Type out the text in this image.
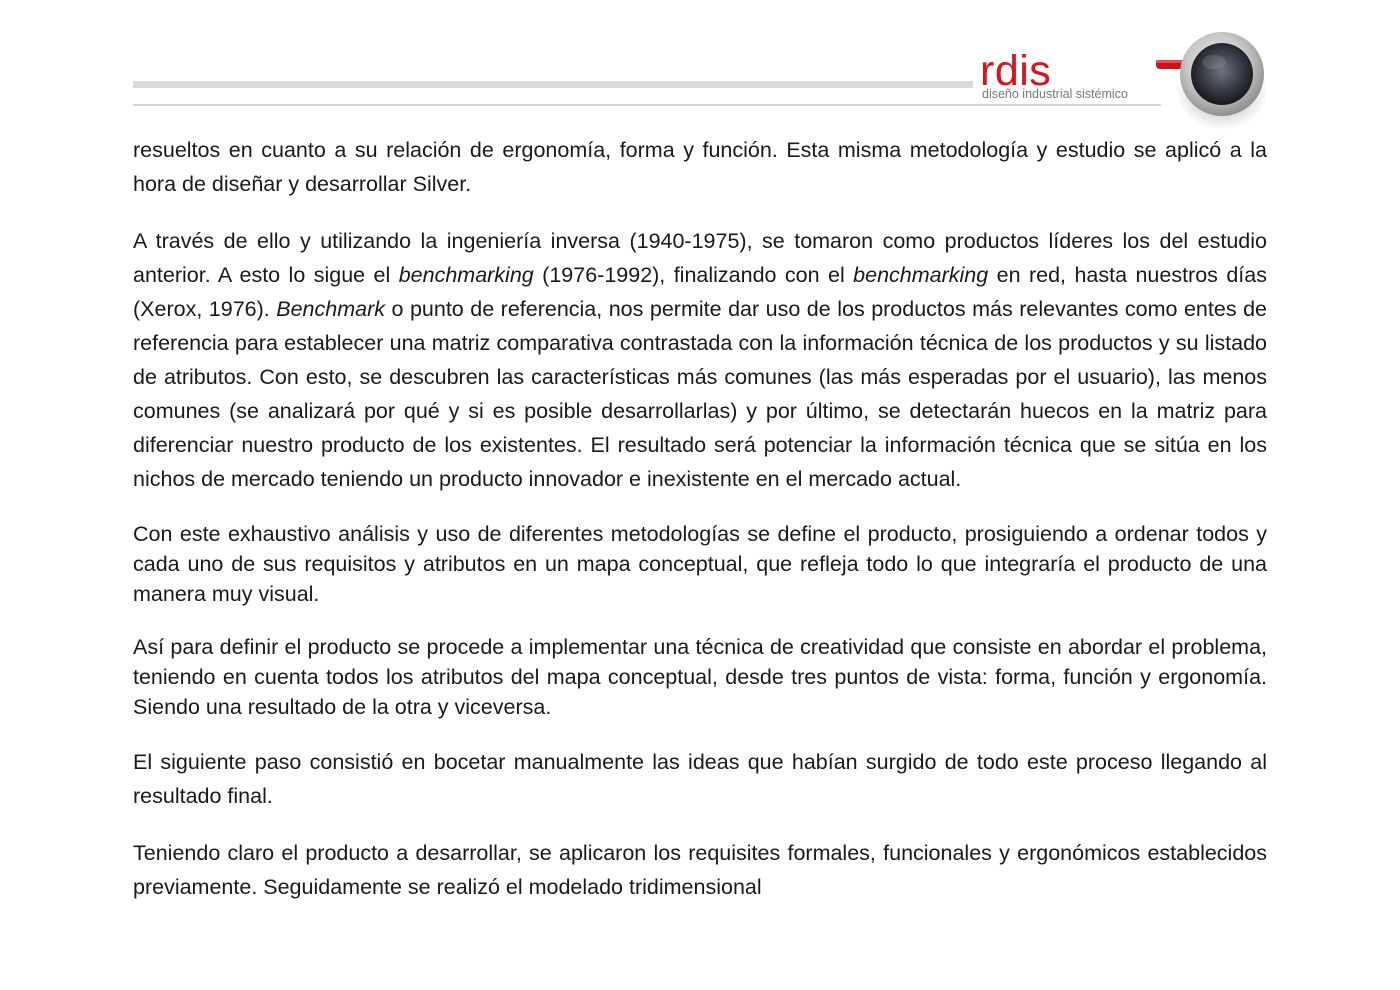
rdis
diseño industrial sistémico

resueltos en cuanto a su relación de ergonomía, forma y función. Esta misma metodología y estudio se aplicó a la hora de diseñar y desarrollar Silver.

A través de ello y utilizando la ingeniería inversa (1940-1975), se tomaron como productos líderes los del estudio anterior. A esto lo sigue el benchmarking (1976-1992), finalizando con el benchmarking en red, hasta nuestros días (Xerox, 1976). Benchmark o punto de referencia, nos permite dar uso de los productos más relevantes como entes de referencia para establecer una matriz comparativa contrastada con la información técnica de los productos y su listado de atributos. Con esto, se descubren las características más comunes (las más esperadas por el usuario), las menos comunes (se analizará por qué y si es posible desarrollarlas) y por último, se detectarán huecos en la matriz para diferenciar nuestro producto de los existentes. El resultado será potenciar la información técnica que se sitúa en los nichos de mercado teniendo un producto innovador e inexistente en el mercado actual.

Con este exhaustivo análisis y uso de diferentes metodologías se define el producto, prosiguiendo a ordenar todos y cada uno de sus requisitos y atributos en un mapa conceptual, que refleja todo lo que integraría el producto de una manera muy visual.

Así para definir el producto se procede a implementar una técnica de creatividad que consiste en abordar el problema, teniendo en cuenta todos los atributos del mapa conceptual, desde tres puntos de vista: forma, función y ergonomía. Siendo una resultado de la otra y viceversa.

El siguiente paso consistió en bocetar manualmente las ideas que habían surgido de todo este proceso llegando al resultado final.

Teniendo claro el producto a desarrollar, se aplicaron los requisites formales, funcionales y ergonómicos establecidos previamente. Seguidamente se realizó el modelado tridimensional
